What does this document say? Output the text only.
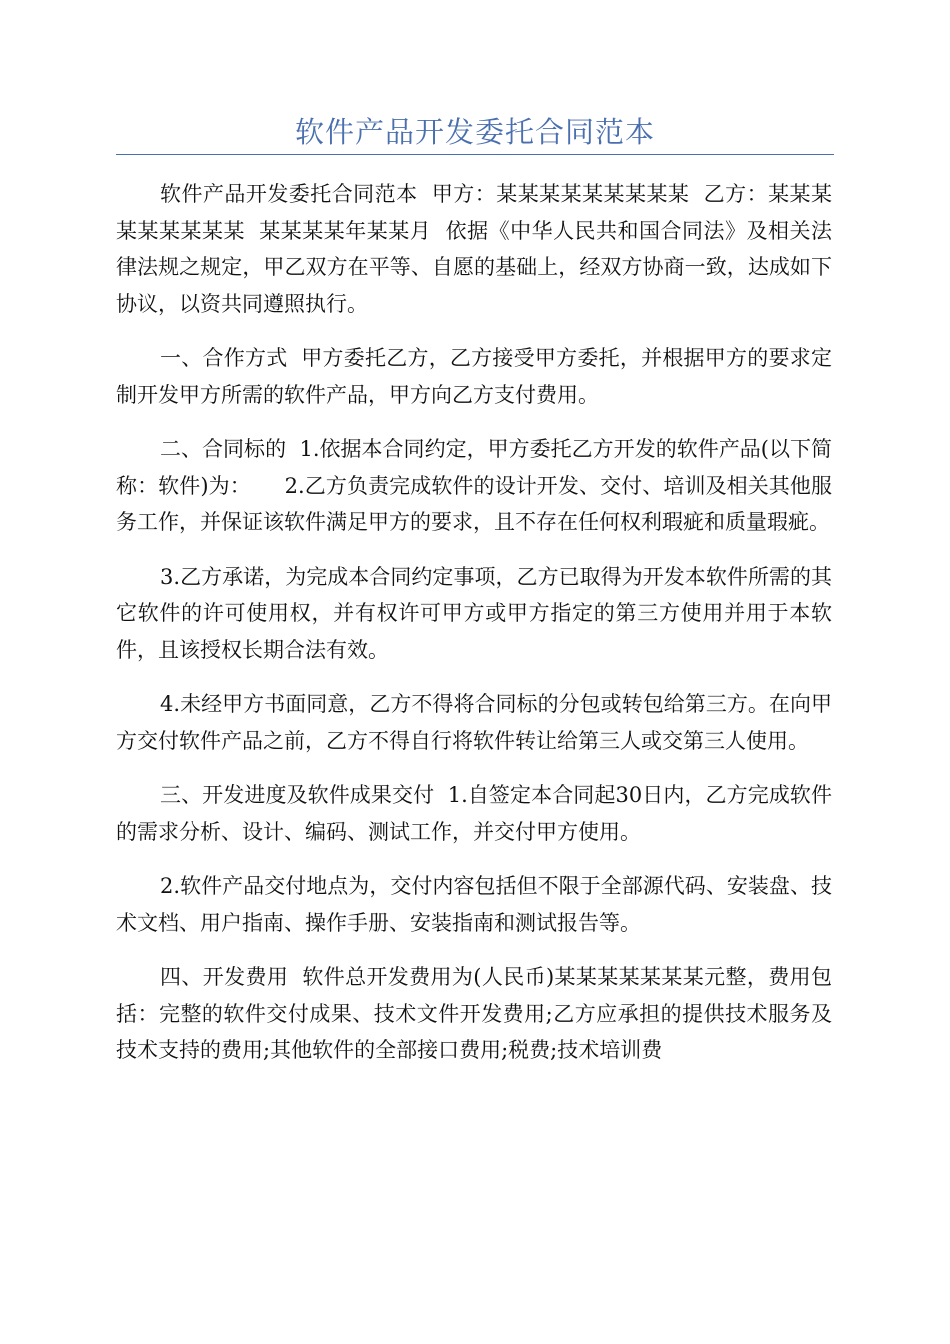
软件产品开发委托合同范本

软件产品开发委托合同范本  甲方：某某某某某某某某某  乙方：某某某某某某某某某  某某某某年某某月  依据《中华人民共和国合同法》及相关法律法规之规定，甲乙双方在平等、自愿的基础上，经双方协商一致，达成如下协议，以资共同遵照执行。

一、合作方式  甲方委托乙方，乙方接受甲方委托，并根据甲方的要求定制开发甲方所需的软件产品，甲方向乙方支付费用。

二、合同标的  1.依据本合同约定，甲方委托乙方开发的软件产品(以下简称：软件)为：     2.乙方负责完成软件的设计开发、交付、培训及相关其他服务工作，并保证该软件满足甲方的要求，且不存在任何权利瑕疵和质量瑕疵。

3.乙方承诺，为完成本合同约定事项，乙方已取得为开发本软件所需的其它软件的许可使用权，并有权许可甲方或甲方指定的第三方使用并用于本软件，且该授权长期合法有效。

4.未经甲方书面同意，乙方不得将合同标的分包或转包给第三方。在向甲方交付软件产品之前，乙方不得自行将软件转让给第三人或交第三人使用。

三、开发进度及软件成果交付  1.自签定本合同起30日内，乙方完成软件的需求分析、设计、编码、测试工作，并交付甲方使用。

2.软件产品交付地点为，交付内容包括但不限于全部源代码、安装盘、技术文档、用户指南、操作手册、安装指南和测试报告等。

四、开发费用  软件总开发费用为(人民币)某某某某某某某元整，费用包括：完整的软件交付成果、技术文件开发费用;乙方应承担的提供技术服务及技术支持的费用;其他软件的全部接口费用;税费;技术培训费
